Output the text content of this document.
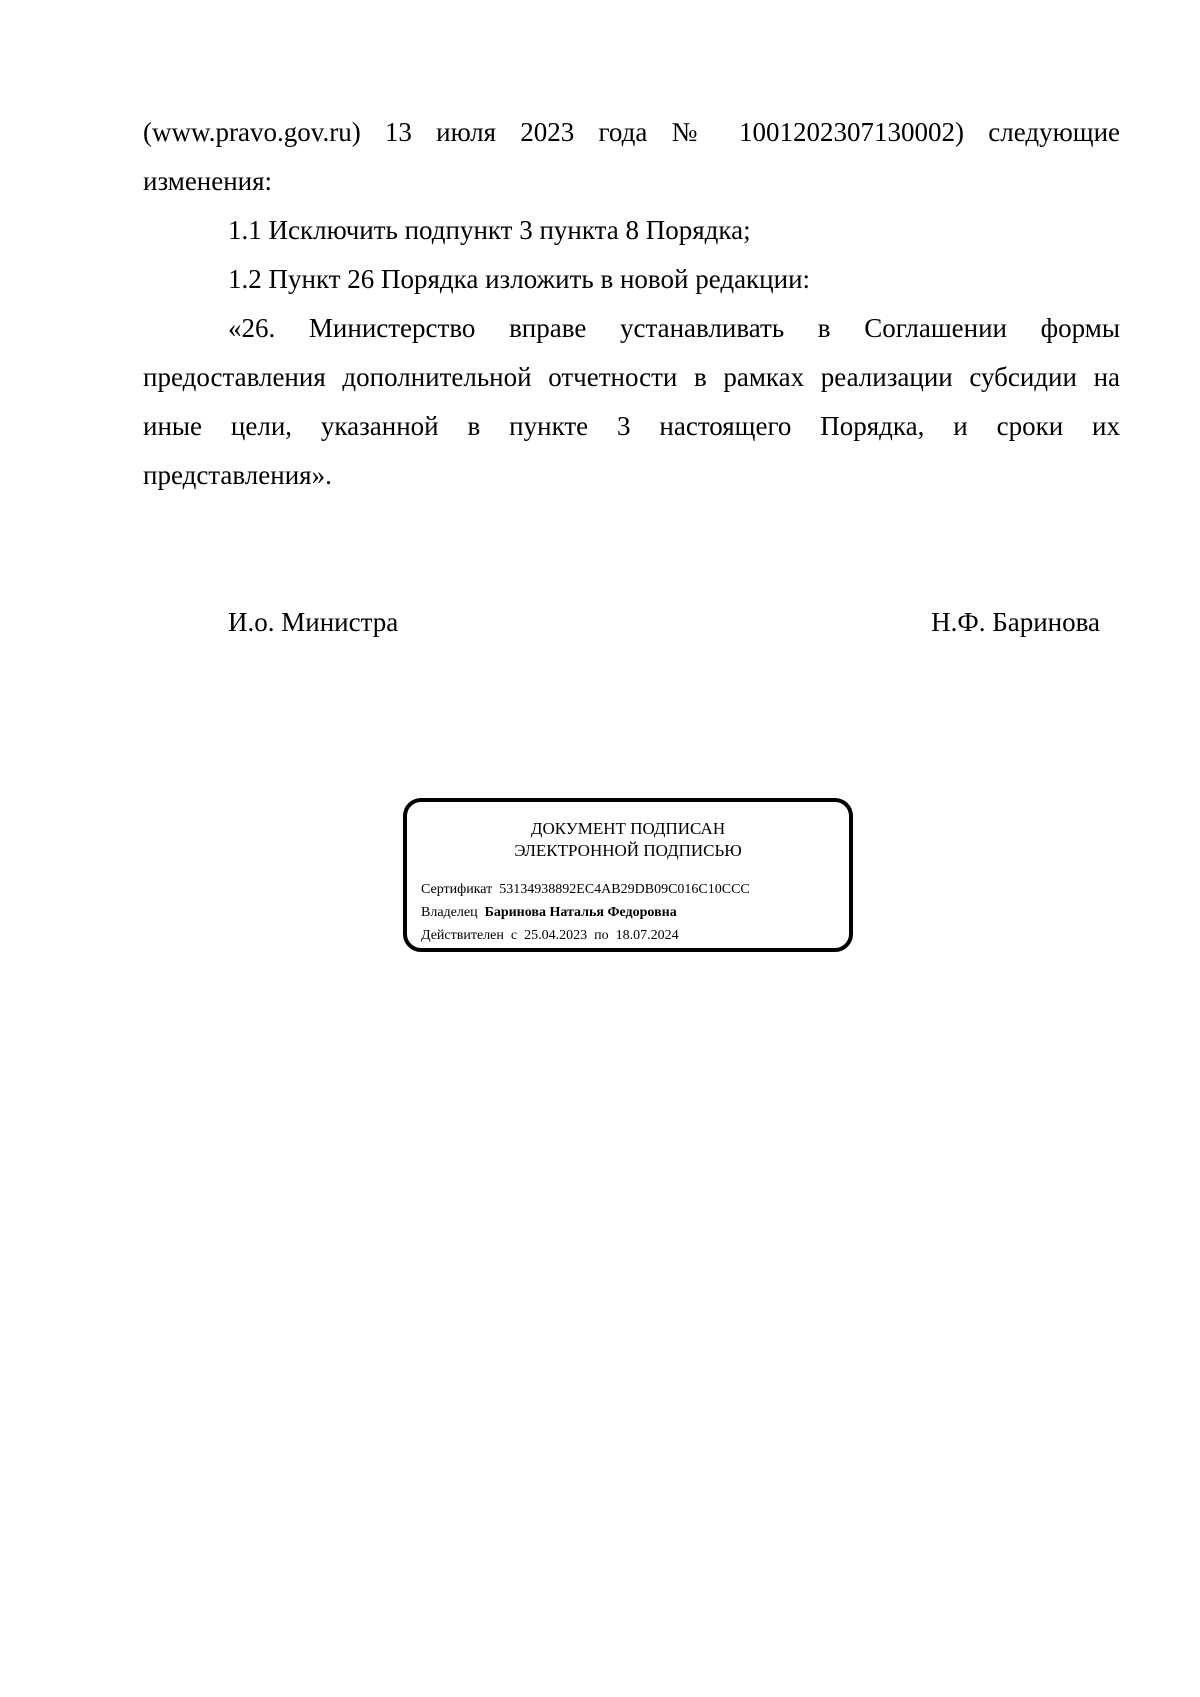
(www.pravo.gov.ru) 13 июля 2023 года № 1001202307130002) следующие

изменения:

1.1 Исключить подпункт 3 пункта 8 Порядка;

1.2 Пункт 26 Порядка изложить в новой редакции:

«26. Министерство вправе устанавливать в Соглашении формы
предоставления дополнительной отчетности в рамках реализации субсидии на
иные цели, указанной в пункте 3 настоящего Порядка, и сроки их
представления».
И.о. Министра	Н.Ф. Баринова
ДОКУМЕНТ ПОДПИСАН
ЭЛЕКТРОННОЙ ПОДПИСЬЮ
Сертификат 53134938892EC4AB29DB09C016C10CCC
Владелец Баринова Наталья Федоровна
Действителен с 25.04.2023 по 18.07.2024
